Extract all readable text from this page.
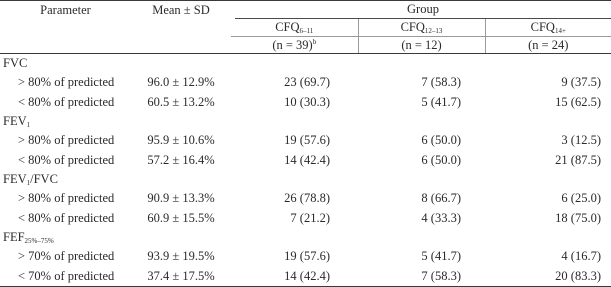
Parameter	Mean ± SD	Group		

		$CFQ_{6-11}$	$CFQ_{12-13}$	$CFQ_{14+}$
		(n = 39)$^b$	(n = 12)	(n = 24)
FVC				
> 80% of predicted	96.0 ± 12.9%	23 (69.7)	7 (58.3)	9 (37.5)
< 80% of predicted	60.5 ± 13.2%	10 (30.3)	5 (41.7)	15 (62.5)
$FEV_1$
> 80% of predicted	95.9 ± 10.6%	19 (57.6)	6 (50.0)	3 (12.5)
< 80% of predicted	57.2 ± 16.4%	14 (42.4)	6 (50.0)	21 (87.5)
$FEV_1$/FVC				
> 80% of predicted	90.9 ± 13.3%	26 (78.8)	8 (66.7)	6 (25.0)
< 80% of predicted	60.9 ± 15.5%	7 (21.2)	4 (33.3)	18 (75.0)
$FEF_{25\%-75\%}$
> 70% of predicted	93.9 ± 19.5%	19 (57.6)	5 (41.7)	4 (16.7)
< 70% of predicted	37.4 ± 17.5%	14 (42.4)	7 (58.3)	20 (83.3)
